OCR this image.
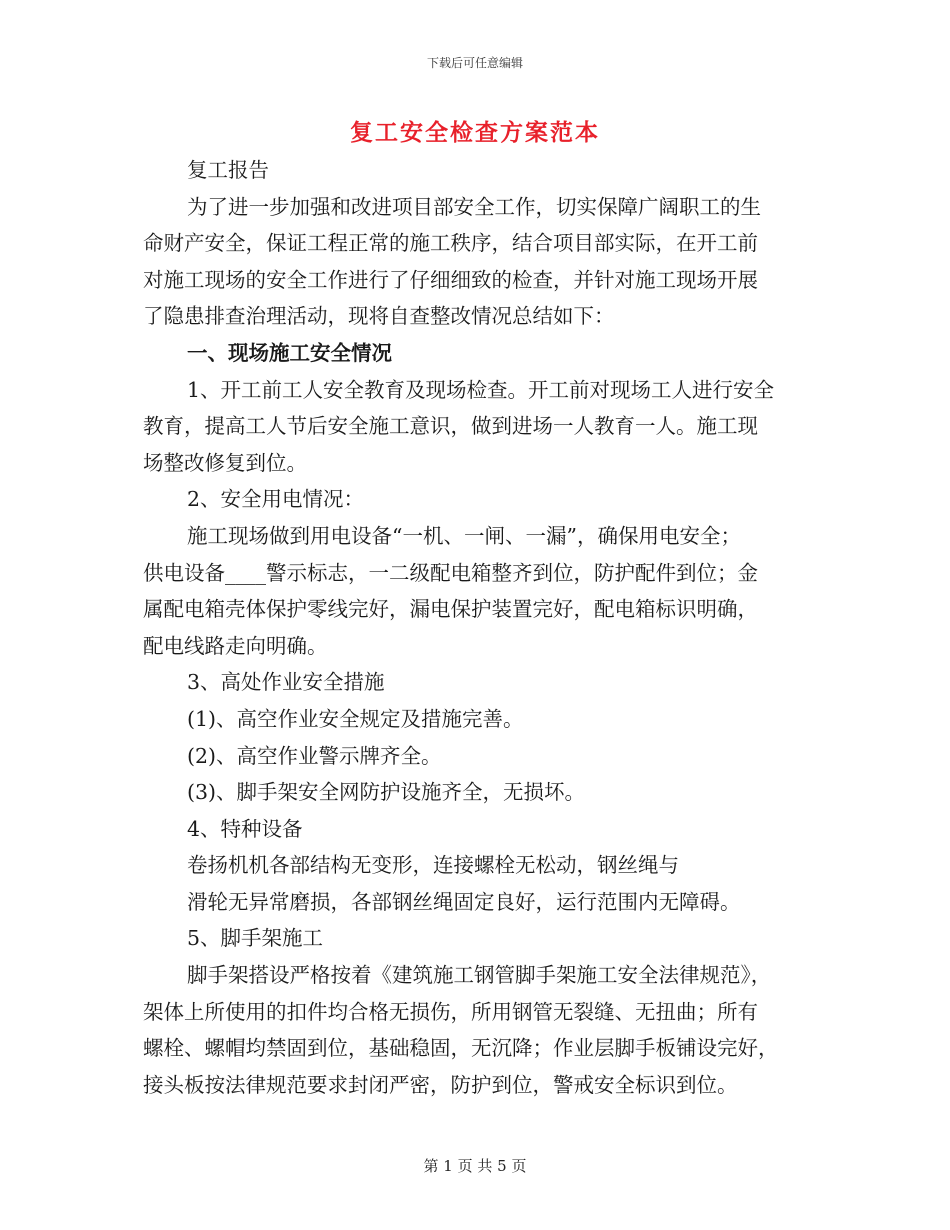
下载后可任意编辑
复工安全检查方案范本
复工报告
为了进一步加强和改进项目部安全工作，切实保障广阔职工的生
命财产安全，保证工程正常的施工秩序，结合项目部实际，在开工前
对施工现场的安全工作进行了仔细细致的检查，并针对施工现场开展
了隐患排查治理活动，现将自查整改情况总结如下：
一、现场施工安全情况
1、开工前工人安全教育及现场检查。开工前对现场工人进行安全
教育，提高工人节后安全施工意识，做到进场一人教育一人。施工现
场整改修复到位。
2、安全用电情况：
施工现场做到用电设备“一机、一闸、一漏”，确保用电安全；
供电设备____警示标志，一二级配电箱整齐到位，防护配件到位；金
属配电箱壳体保护零线完好，漏电保护装置完好，配电箱标识明确，
配电线路走向明确。
3、高处作业安全措施
(1)、高空作业安全规定及措施完善。
(2)、高空作业警示牌齐全。
(3)、脚手架安全网防护设施齐全，无损坏。
4、特种设备
卷扬机机各部结构无变形，连接螺栓无松动，钢丝绳与
滑轮无异常磨损，各部钢丝绳固定良好，运行范围内无障碍。
5、脚手架施工
脚手架搭设严格按着《建筑施工钢管脚手架施工安全法律规范》，
架体上所使用的扣件均合格无损伤，所用钢管无裂缝、无扭曲；所有
螺栓、螺帽均禁固到位，基础稳固，无沉降；作业层脚手板铺设完好，
接头板按法律规范要求封闭严密，防护到位，警戒安全标识到位。
第 1 页 共 5 页
